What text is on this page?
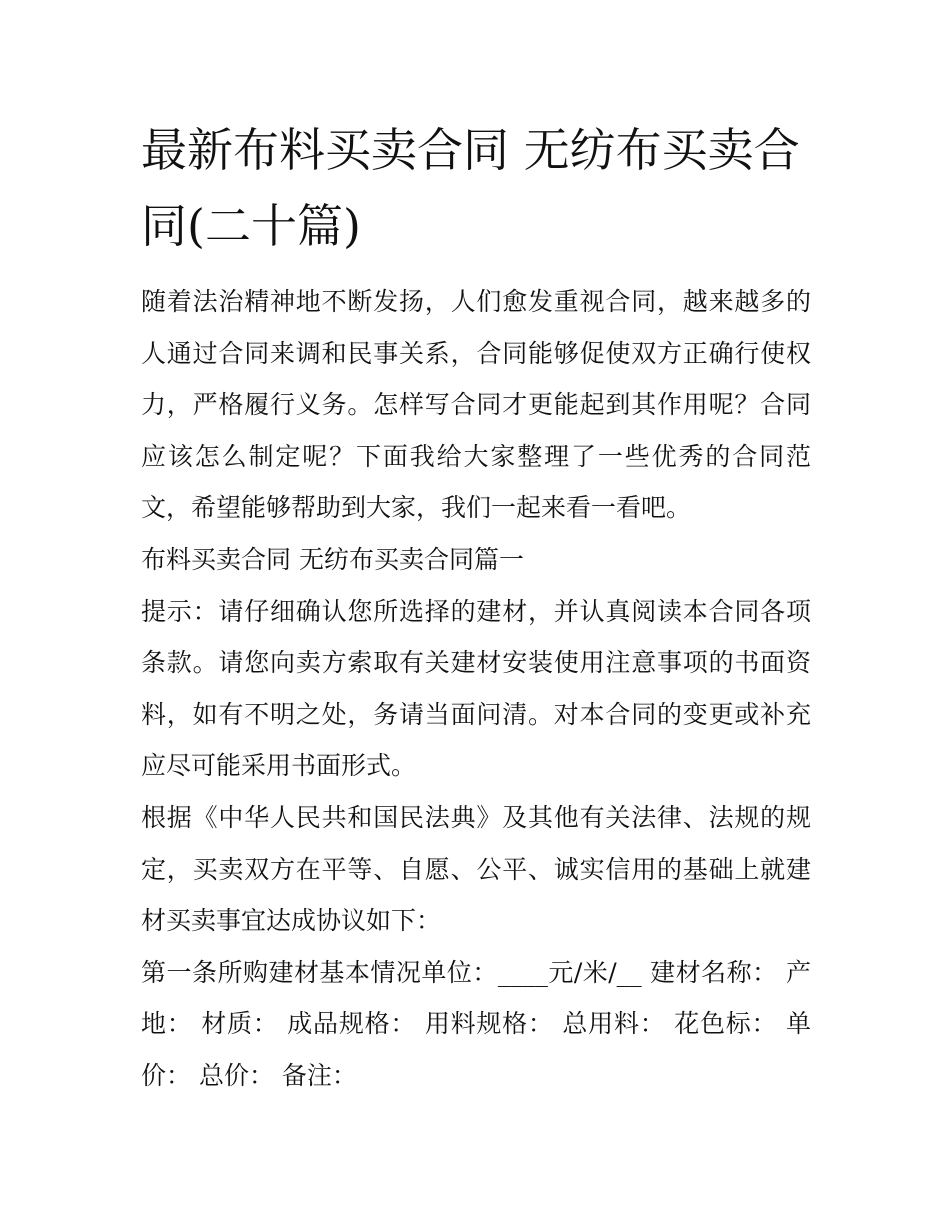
最新布料买卖合同 无纺布买卖合同(二十篇)

随着法治精神地不断发扬，人们愈发重视合同，越来越多的人通过合同来调和民事关系，合同能够促使双方正确行使权力，严格履行义务。怎样写合同才更能起到其作用呢？合同应该怎么制定呢？下面我给大家整理了一些优秀的合同范文，希望能够帮助到大家，我们一起来看一看吧。

布料买卖合同 无纺布买卖合同篇一

提示：请仔细确认您所选择的建材，并认真阅读本合同各项条款。请您向卖方索取有关建材安装使用注意事项的书面资料，如有不明之处，务请当面问清。对本合同的变更或补充应尽可能采用书面形式。

根据《中华人民共和国民法典》及其他有关法律、法规的规定，买卖双方在平等、自愿、公平、诚实信用的基础上就建材买卖事宜达成协议如下：

第一条所购建材基本情况单位：____元/米/__ 建材名称： 产地： 材质： 成品规格： 用料规格： 总用料： 花色标： 单价： 总价： 备注：
